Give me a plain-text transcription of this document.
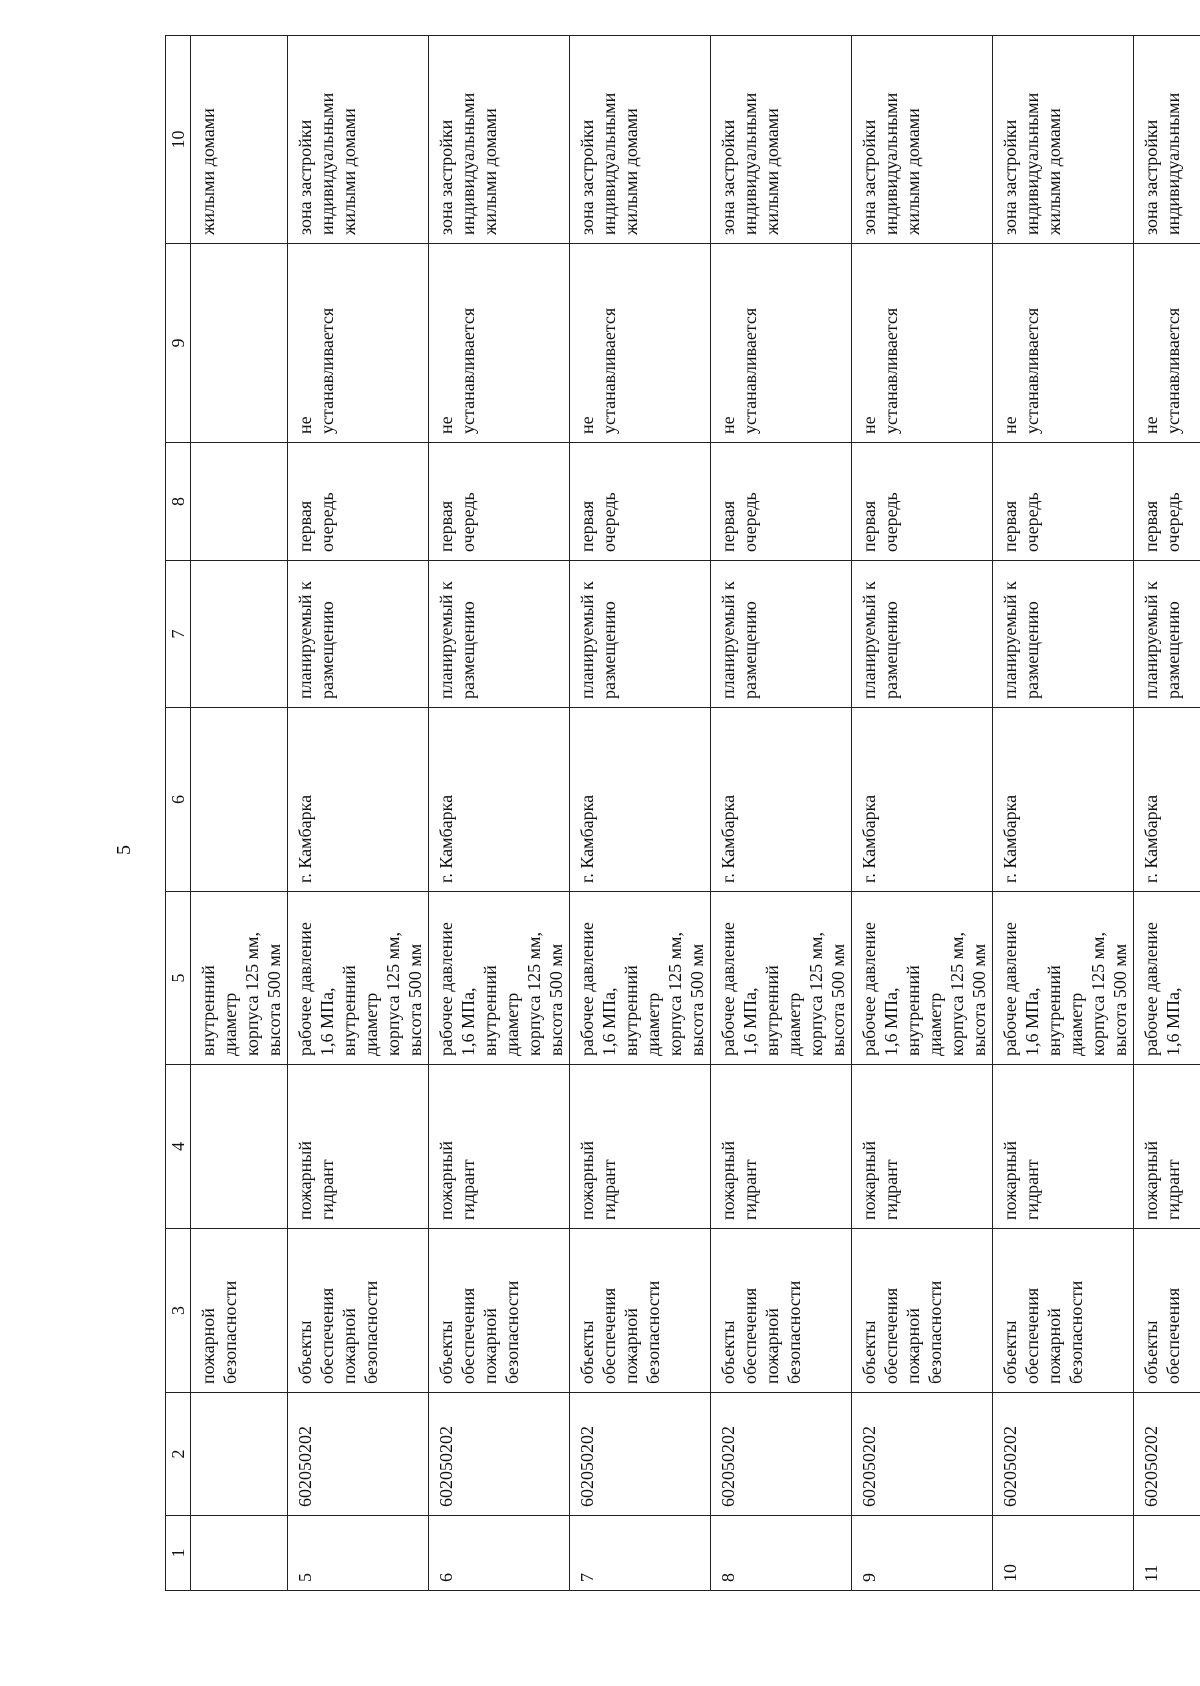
5
1	2	3	4	5	6	7	8	9	10
		пожарной
безопасности		внутренний диаметр
корпуса 125 мм,
высота 500 мм					жилыми домами
5	602050202	объекты
обеспечения
пожарной
безопасности	пожарный
гидрант	рабочее давление
1,6 МПа,
внутренний диаметр
корпуса 125 мм,
высота 500 мм	г. Камбарка	планируемый к
размещению	первая
очередь	не
устанавливается	зона застройки
индивидуальными
жилыми домами
6	602050202	объекты
обеспечения
пожарной
безопасности	пожарный
гидрант	рабочее давление
1,6 МПа,
внутренний диаметр
корпуса 125 мм,
высота 500 мм	г. Камбарка	планируемый к
размещению	первая
очередь	не
устанавливается	зона застройки
индивидуальными
жилыми домами
7	602050202	объекты
обеспечения
пожарной
безопасности	пожарный
гидрант	рабочее давление
1,6 МПа,
внутренний диаметр
корпуса 125 мм,
высота 500 мм	г. Камбарка	планируемый к
размещению	первая
очередь	не
устанавливается	зона застройки
индивидуальными
жилыми домами
8	602050202	объекты
обеспечения
пожарной
безопасности	пожарный
гидрант	рабочее давление
1,6 МПа,
внутренний диаметр
корпуса 125 мм,
высота 500 мм	г. Камбарка	планируемый к
размещению	первая
очередь	не
устанавливается	зона застройки
индивидуальными
жилыми домами
9	602050202	объекты
обеспечения
пожарной
безопасности	пожарный
гидрант	рабочее давление
1,6 МПа,
внутренний диаметр
корпуса 125 мм,
высота 500 мм	г. Камбарка	планируемый к
размещению	первая
очередь	не
устанавливается	зона застройки
индивидуальными
жилыми домами
10	602050202	объекты
обеспечения
пожарной
безопасности	пожарный
гидрант	рабочее давление
1,6 МПа,
внутренний диаметр
корпуса 125 мм,
высота 500 мм	г. Камбарка	планируемый к
размещению	первая
очередь	не
устанавливается	зона застройки
индивидуальными
жилыми домами
11	602050202	объекты
обеспечения	пожарный
гидрант	рабочее давление
1,6 МПа,	г. Камбарка	планируемый к
размещению	первая
очередь	не
устанавливается	зона застройки
индивидуальными
